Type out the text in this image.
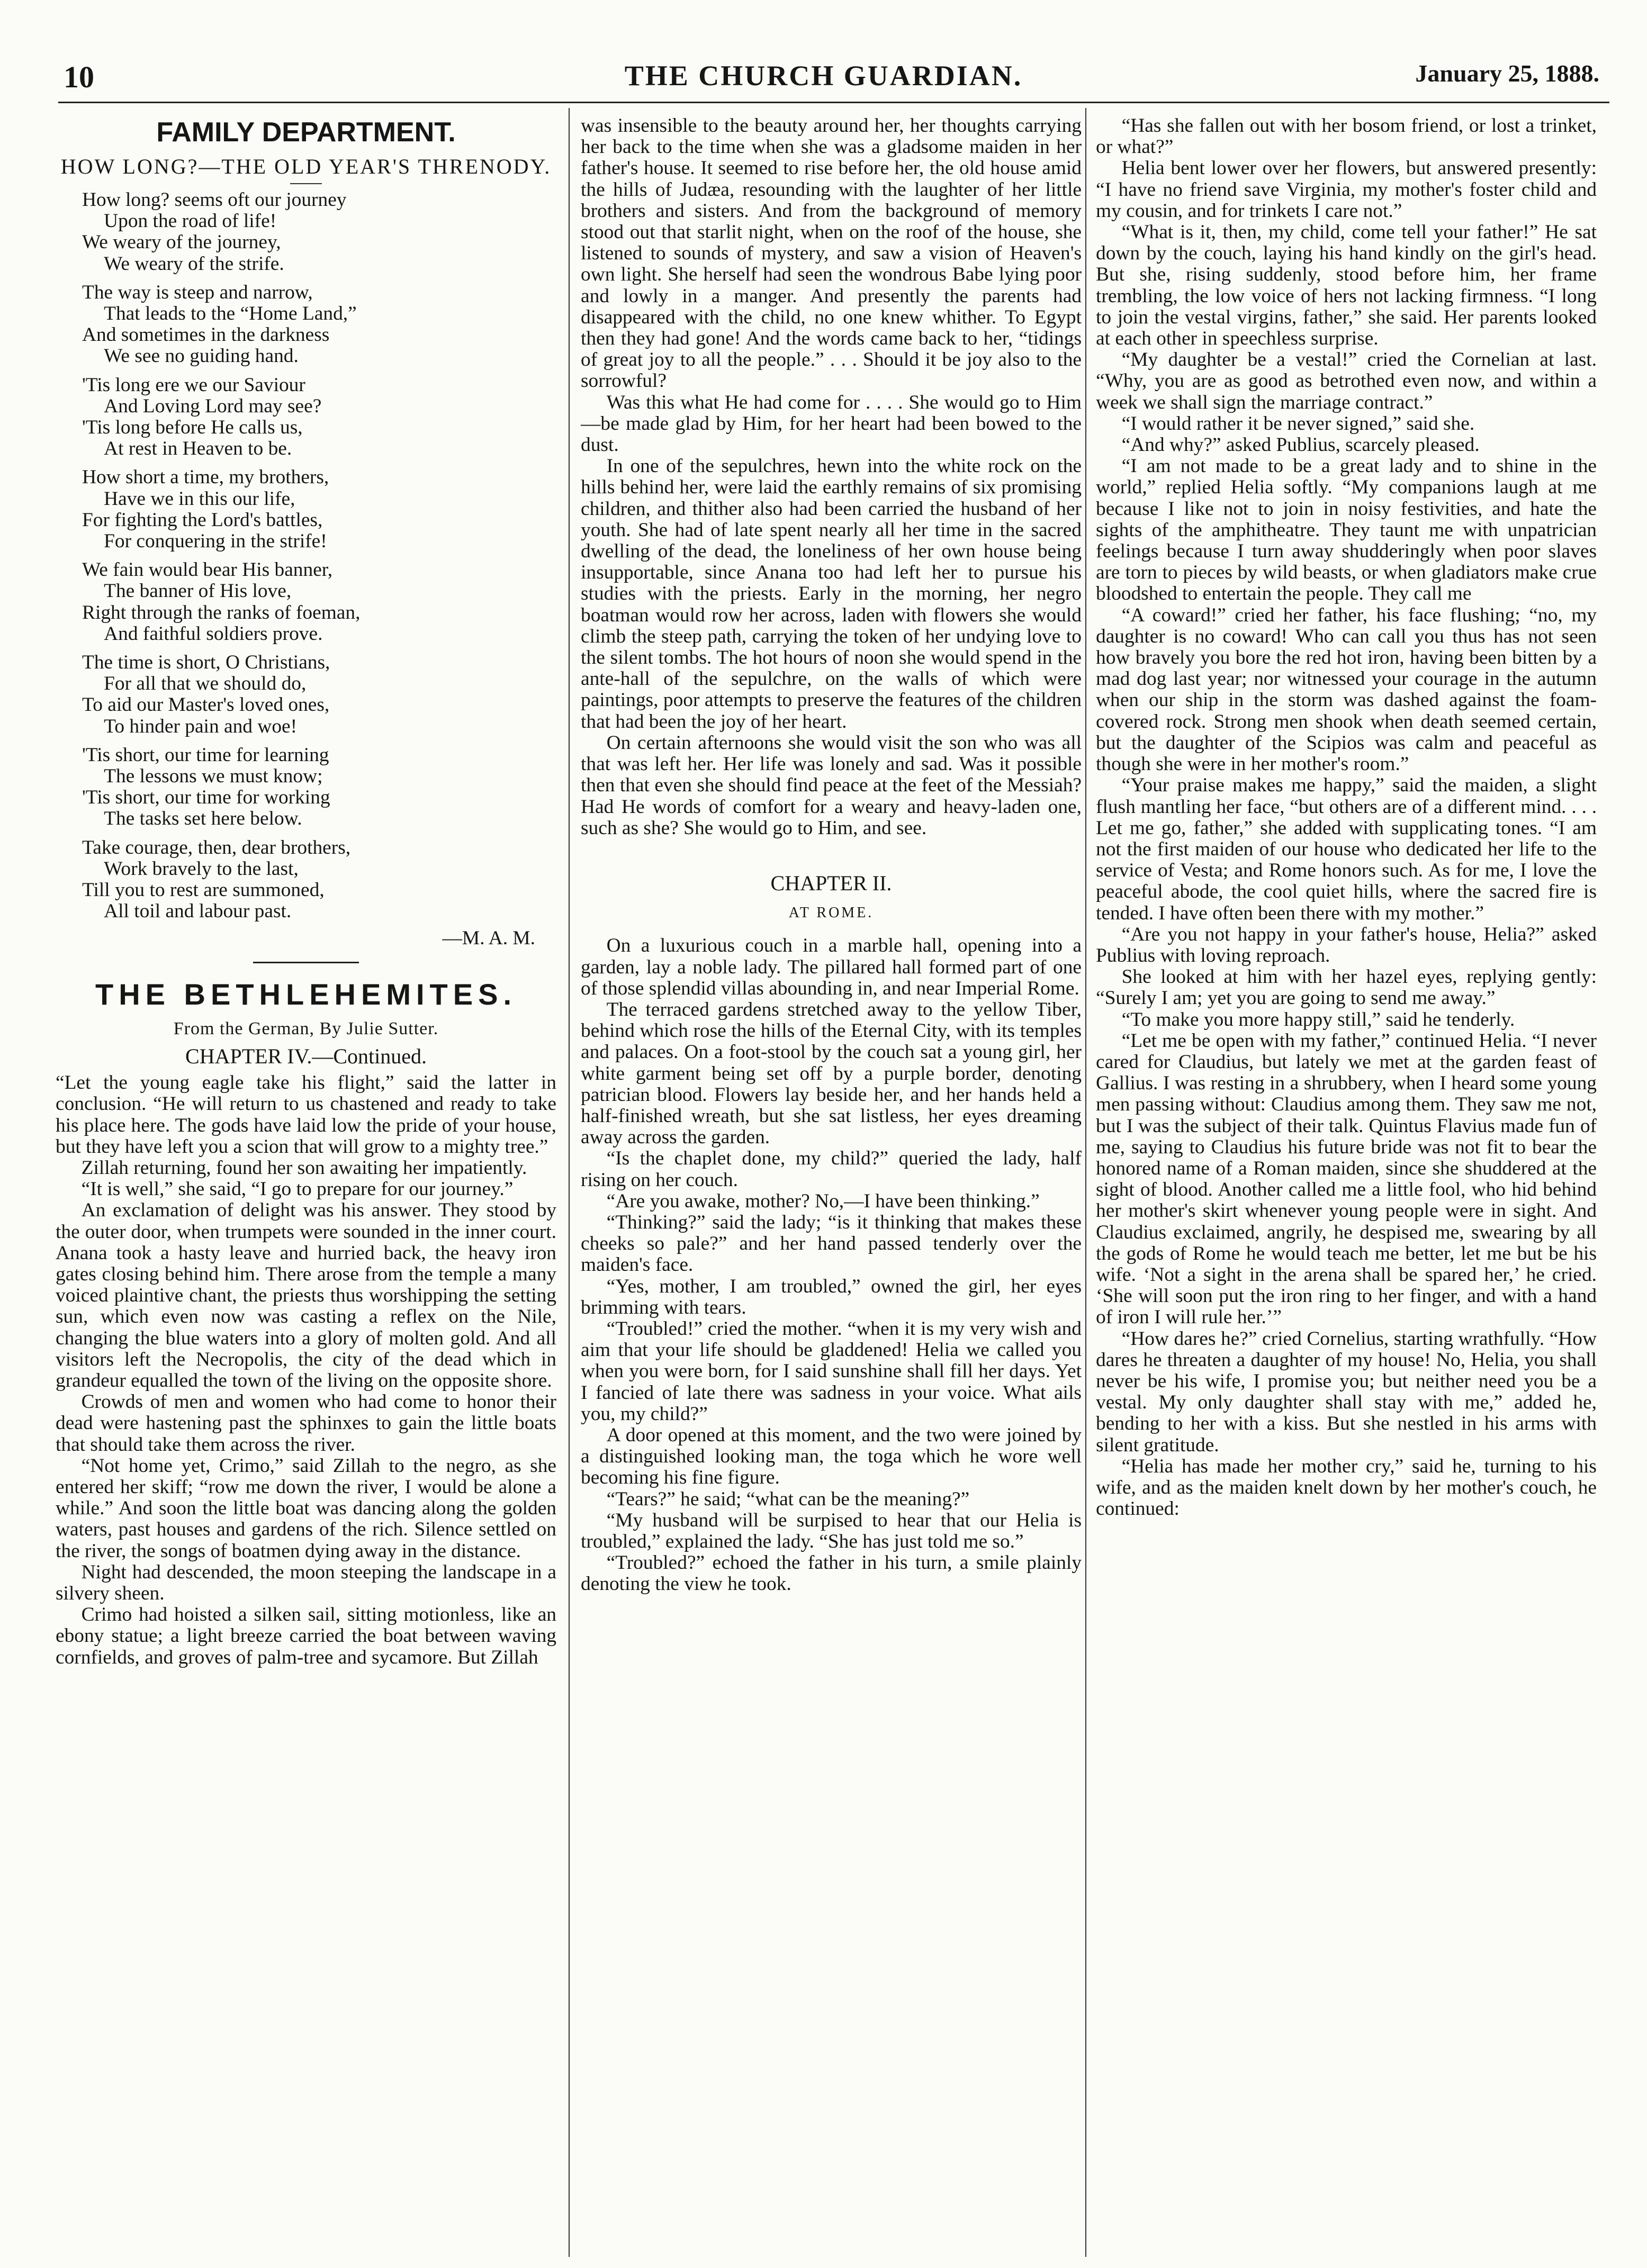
10	THE CHURCH GUARDIAN.	January 25, 1888.
FAMILY DEPARTMENT.
HOW LONG?—THE OLD YEAR'S THRENODY.
How long? seems oft our journey
Upon the road of life!
We weary of the journey,
We weary of the strife.
The way is steep and narrow,
That leads to the “Home Land,”
And sometimes in the darkness
We see no guiding hand.
'Tis long ere we our Saviour
And Loving Lord may see?
'Tis long before He calls us,
At rest in Heaven to be.
How short a time, my brothers,
Have we in this our life,
For fighting the Lord's battles,
For conquering in the strife!
We fain would bear His banner,
The banner of His love,
Right through the ranks of foeman,
And faithful soldiers prove.
The time is short, O Christians,
For all that we should do,
To aid our Master's loved ones,
To hinder pain and woe!
'Tis short, our time for learning
The lessons we must know;
'Tis short, our time for working
The tasks set here below.
Take courage, then, dear brothers,
Work bravely to the last,
Till you to rest are summoned,
All toil and labour past.
—M. A. M.
THE BETHLEHEMITES.
From the German, By Julie Sutter.
CHAPTER IV.—Continued.

“Let the young eagle take his flight,” said the latter in conclusion. “He will return to us chastened and ready to take his place here. The gods have laid low the pride of your house, but they have left you a scion that will grow to a mighty tree.”

Zillah returning, found her son awaiting her impatiently.

“It is well,” she said, “I go to prepare for our journey.”

An exclamation of delight was his answer. They stood by the outer door, when trumpets were sounded in the inner court. Anana took a hasty leave and hurried back, the heavy iron gates closing behind him. There arose from the temple a many voiced plaintive chant, the priests thus worshipping the setting sun, which even now was casting a reflex on the Nile, changing the blue waters into a glory of molten gold. And all visitors left the Necropolis, the city of the dead which in grandeur equalled the town of the living on the opposite shore.

Crowds of men and women who had come to honor their dead were hastening past the sphinxes to gain the little boats that should take them across the river.

“Not home yet, Crimo,” said Zillah to the negro, as she entered her skiff; “row me down the river, I would be alone a while.” And soon the little boat was dancing along the golden waters, past houses and gardens of the rich. Silence settled on the river, the songs of boatmen dying away in the distance.

Night had descended, the moon steeping the landscape in a silvery sheen.

Crimo had hoisted a silken sail, sitting motionless, like an ebony statue; a light breeze carried the boat between waving cornfields, and groves of palm-tree and sycamore. But Zillah

was insensible to the beauty around her, her thoughts carrying her back to the time when she was a gladsome maiden in her father's house. It seemed to rise before her, the old house amid the hills of Judæa, resounding with the laughter of her little brothers and sisters. And from the background of memory stood out that starlit night, when on the roof of the house, she listened to sounds of mystery, and saw a vision of Heaven's own light. She herself had seen the wondrous Babe lying poor and lowly in a manger. And presently the parents had disappeared with the child, no one knew whither. To Egypt then they had gone! And the words came back to her, “tidings of great joy to all the people.” . . . Should it be joy also to the sorrowful?

Was this what He had come for . . . . She would go to Him—be made glad by Him, for her heart had been bowed to the dust.

In one of the sepulchres, hewn into the white rock on the hills behind her, were laid the earthly remains of six promising children, and thither also had been carried the husband of her youth. She had of late spent nearly all her time in the sacred dwelling of the dead, the loneliness of her own house being insupportable, since Anana too had left her to pursue his studies with the priests. Early in the morning, her negro boatman would row her across, laden with flowers she would climb the steep path, carrying the token of her undying love to the silent tombs. The hot hours of noon she would spend in the ante-hall of the sepulchre, on the walls of which were paintings, poor attempts to preserve the features of the children that had been the joy of her heart.

On certain afternoons she would visit the son who was all that was left her. Her life was lonely and sad. Was it possible then that even she should find peace at the feet of the Messiah? Had He words of comfort for a weary and heavy-laden one, such as she? She would go to Him, and see.

CHAPTER II.
AT ROME.

On a luxurious couch in a marble hall, opening into a garden, lay a noble lady. The pillared hall formed part of one of those splendid villas abounding in, and near Imperial Rome.

The terraced gardens stretched away to the yellow Tiber, behind which rose the hills of the Eternal City, with its temples and palaces. On a foot-stool by the couch sat a young girl, her white garment being set off by a purple border, denoting patrician blood. Flowers lay beside her, and her hands held a half-finished wreath, but she sat listless, her eyes dreaming away across the garden.

“Is the chaplet done, my child?” queried the lady, half rising on her couch.

“Are you awake, mother? No,—I have been thinking.”

“Thinking?” said the lady; “is it thinking that makes these cheeks so pale?” and her hand passed tenderly over the maiden's face.

“Yes, mother, I am troubled,” owned the girl, her eyes brimming with tears.

“Troubled!” cried the mother. “when it is my very wish and aim that your life should be gladdened! Helia we called you when you were born, for I said sunshine shall fill her days. Yet I fancied of late there was sadness in your voice. What ails you, my child?”

A door opened at this moment, and the two were joined by a distinguished looking man, the toga which he wore well becoming his fine figure.

“Tears?” he said; “what can be the meaning?”

“My husband will be surpised to hear that our Helia is troubled,” explained the lady. “She has just told me so.”

“Troubled?” echoed the father in his turn, a smile plainly denoting the view he took.

“Has she fallen out with her bosom friend, or lost a trinket, or what?”

Helia bent lower over her flowers, but answered presently: “I have no friend save Virginia, my mother's foster child and my cousin, and for trinkets I care not.”

“What is it, then, my child, come tell your father!” He sat down by the couch, laying his hand kindly on the girl's head. But she, rising suddenly, stood before him, her frame trembling, the low voice of hers not lacking firmness. “I long to join the vestal virgins, father,” she said. Her parents looked at each other in speechless surprise.

“My daughter be a vestal!” cried the Cornelian at last. “Why, you are as good as betrothed even now, and within a week we shall sign the marriage contract.”

“I would rather it be never signed,” said she.

“And why?” asked Publius, scarcely pleased.

“I am not made to be a great lady and to shine in the world,” replied Helia softly. “My companions laugh at me because I like not to join in noisy festivities, and hate the sights of the amphitheatre. They taunt me with unpatrician feelings because I turn away shudderingly when poor slaves are torn to pieces by wild beasts, or when gladiators make crue bloodshed to entertain the people. They call me

“A coward!” cried her father, his face flushing; “no, my daughter is no coward! Who can call you thus has not seen how bravely you bore the red hot iron, having been bitten by a mad dog last year; nor witnessed your courage in the autumn when our ship in the storm was dashed against the foam-covered rock. Strong men shook when death seemed certain, but the daughter of the Scipios was calm and peaceful as though she were in her mother's room.”

“Your praise makes me happy,” said the maiden, a slight flush mantling her face, “but others are of a different mind. . . . Let me go, father,” she added with supplicating tones. “I am not the first maiden of our house who dedicated her life to the service of Vesta; and Rome honors such. As for me, I love the peaceful abode, the cool quiet hills, where the sacred fire is tended. I have often been there with my mother.”

“Are you not happy in your father's house, Helia?” asked Publius with loving reproach.

She looked at him with her hazel eyes, replying gently: “Surely I am; yet you are going to send me away.”

“To make you more happy still,” said he tenderly.

“Let me be open with my father,” continued Helia. “I never cared for Claudius, but lately we met at the garden feast of Gallius. I was resting in a shrubbery, when I heard some young men passing without: Claudius among them. They saw me not, but I was the subject of their talk. Quintus Flavius made fun of me, saying to Claudius his future bride was not fit to bear the honored name of a Roman maiden, since she shuddered at the sight of blood. Another called me a little fool, who hid behind her mother's skirt whenever young people were in sight. And Claudius exclaimed, angrily, he despised me, swearing by all the gods of Rome he would teach me better, let me but be his wife. ‘Not a sight in the arena shall be spared her,’ he cried. ‘She will soon put the iron ring to her finger, and with a hand of iron I will rule her.’”

“How dares he?” cried Cornelius, starting wrathfully. “How dares he threaten a daughter of my house! No, Helia, you shall never be his wife, I promise you; but neither need you be a vestal. My only daughter shall stay with me,” added he, bending to her with a kiss. But she nestled in his arms with silent gratitude.

“Helia has made her mother cry,” said he, turning to his wife, and as the maiden knelt down by her mother's couch, he continued:
